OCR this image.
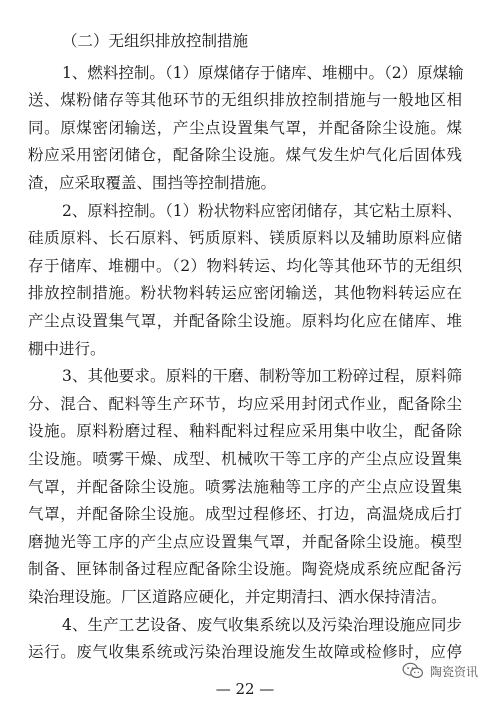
（二）无组织排放控制措施
1、燃料控制。（1）原煤储存于储库、堆棚中。（2）原煤输
送、煤粉储存等其他环节的无组织排放控制措施与一般地区相
同。原煤密闭输送，产尘点设置集气罩，并配备除尘设施。煤
粉应采用密闭储仓，配备除尘设施。煤气发生炉气化后固体残
渣，应采取覆盖、围挡等控制措施。
2、原料控制。（1）粉状物料应密闭储存，其它粘土原料、
硅质原料、长石原料、钙质原料、镁质原料以及辅助原料应储
存于储库、堆棚中。（2）物料转运、均化等其他环节的无组织
排放控制措施。粉状物料转运应密闭输送，其他物料转运应在
产尘点设置集气罩，并配备除尘设施。原料均化应在储库、堆
棚中进行。
3、其他要求。原料的干磨、制粉等加工粉碎过程，原料筛
分、混合、配料等生产环节，均应采用封闭式作业，配备除尘
设施。原料粉磨过程、釉料配料过程应采用集中收尘，配备除
尘设施。喷雾干燥、成型、机械吹干等工序的产尘点应设置集
气罩，并配备除尘设施。喷雾法施釉等工序的产尘点应设置集
气罩，并配备除尘设施。成型过程修坯、打边，高温烧成后打
磨抛光等工序的产尘点应设置集气罩，并配备除尘设施。模型
制备、匣钵制备过程应配备除尘设施。陶瓷烧成系统应配备污
染治理设施。厂区道路应硬化，并定期清扫、洒水保持清洁。
4、生产工艺设备、废气收集系统以及污染治理设施应同步
运行。废气收集系统或污染治理设施发生故障或检修时，应停
— 22 —
陶瓷资讯
